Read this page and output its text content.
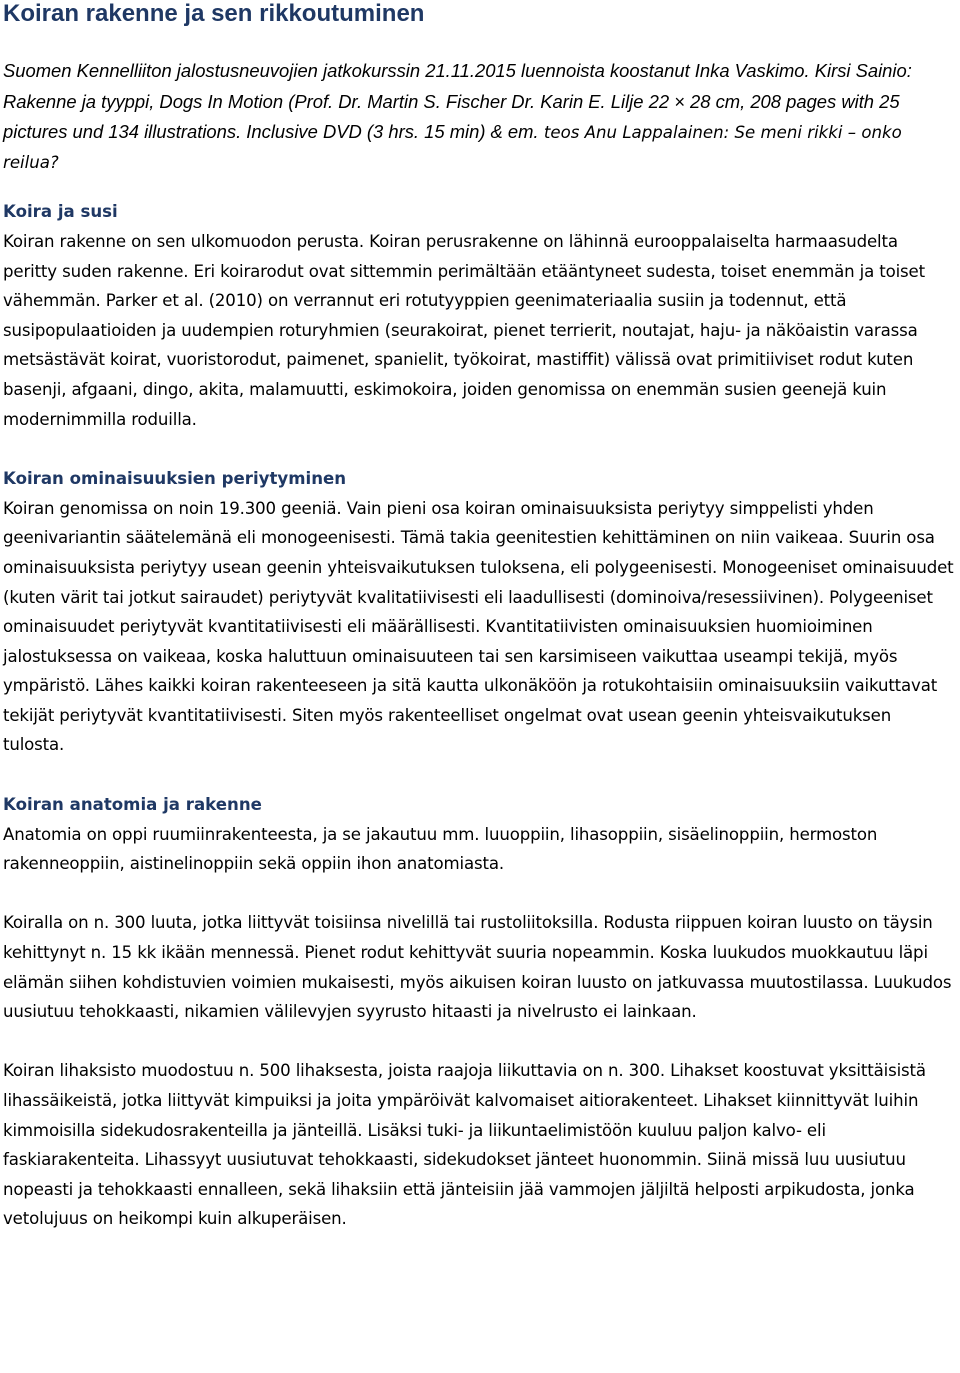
Koiran rakenne ja sen rikkoutuminen

Suomen Kennelliiton jalostusneuvojien jatkokurssin 21.11.2015 luennoista koostanut Inka Vaskimo. Kirsi Sainio: Rakenne ja tyyppi, Dogs In Motion (Prof. Dr. Martin S. Fischer Dr. Karin E. Lilje 22 × 28 cm, 208 pages with 25 pictures und 134 illustrations. Inclusive DVD (3 hrs. 15 min) & em. teos Anu Lappalainen: Se meni rikki – onko reilua?

Koira ja susi

Koiran rakenne on sen ulkomuodon perusta. Koiran perusrakenne on lähinnä eurooppalaiselta harmaasudelta peritty suden rakenne. Eri koirarodut ovat sittemmin perimältään etääntyneet sudesta, toiset enemmän ja toiset vähemmän. Parker et al. (2010) on verrannut eri rotutyyppien geenimateriaalia susiin ja todennut, että susipopulaatioiden ja uudempien roturyhmien (seurakoirat, pienet terrierit, noutajat, haju- ja näköaistin varassa metsästävät koirat, vuoristorodut, paimenet, spanielit, työkoirat, mastiffit) välissä ovat primitiiviset rodut kuten basenji, afgaani, dingo, akita, malamuutti, eskimokoira, joiden genomissa on enemmän susien geenejä kuin modernimmilla roduilla.

Koiran ominaisuuksien periytyminen

Koiran genomissa on noin 19.300 geeniä. Vain pieni osa koiran ominaisuuksista periytyy simppelisti yhden geenivariantin säätelemänä eli monogeenisesti. Tämä takia geenitestien kehittäminen on niin vaikeaa. Suurin osa ominaisuuksista periytyy usean geenin yhteisvaikutuksen tuloksena, eli polygeenisesti. Monogeeniset ominaisuudet (kuten värit tai jotkut sairaudet) periytyvät kvalitatiivisesti eli laadullisesti (dominoiva/resessiivinen). Polygeeniset ominaisuudet periytyvät kvantitatiivisesti eli määrällisesti. Kvantitatiivisten ominaisuuksien huomioiminen jalostuksessa on vaikeaa, koska haluttuun ominaisuuteen tai sen karsimiseen vaikuttaa useampi tekijä, myös ympäristö. Lähes kaikki koiran rakenteeseen ja sitä kautta ulkonäköön ja rotukohtaisiin ominaisuuksiin vaikuttavat tekijät periytyvät kvantitatiivisesti. Siten myös rakenteelliset ongelmat ovat usean geenin yhteisvaikutuksen tulosta.

Koiran anatomia ja rakenne

Anatomia on oppi ruumiinrakenteesta, ja se jakautuu mm. luuoppiin, lihasoppiin, sisäelinoppiin, hermoston rakenneoppiin, aistinelinoppiin sekä oppiin ihon anatomiasta.

Koiralla on n. 300 luuta, jotka liittyvät toisiinsa nivelillä tai rustoliitoksilla. Rodusta riippuen koiran luusto on täysin kehittynyt n. 15 kk ikään mennessä. Pienet rodut kehittyvät suuria nopeammin. Koska luukudos muokkautuu läpi elämän siihen kohdistuvien voimien mukaisesti, myös aikuisen koiran luusto on jatkuvassa muutostilassa. Luukudos uusiutuu tehokkaasti, nikamien välilevyjen syyrusto hitaasti ja nivelrusto ei lainkaan.

Koiran lihaksisto muodostuu n. 500 lihaksesta, joista raajoja liikuttavia on n. 300. Lihakset koostuvat yksittäisistä lihassäikeistä, jotka liittyvät kimpuiksi ja joita ympäröivät kalvomaiset aitiorakenteet. Lihakset kiinnittyvät luihin kimmoisilla sidekudosrakenteilla ja jänteillä. Lisäksi tuki- ja liikuntaelimistöön kuuluu paljon kalvo- eli faskiarakenteita. Lihassyyt uusiutuvat tehokkaasti, sidekudokset jänteet huonommin. Siinä missä luu uusiutuu nopeasti ja tehokkaasti ennalleen, sekä lihaksiin että jänteisiin jää vammojen jäljiltä helposti arpikudosta, jonka vetolujuus on heikompi kuin alkuperäisen.
